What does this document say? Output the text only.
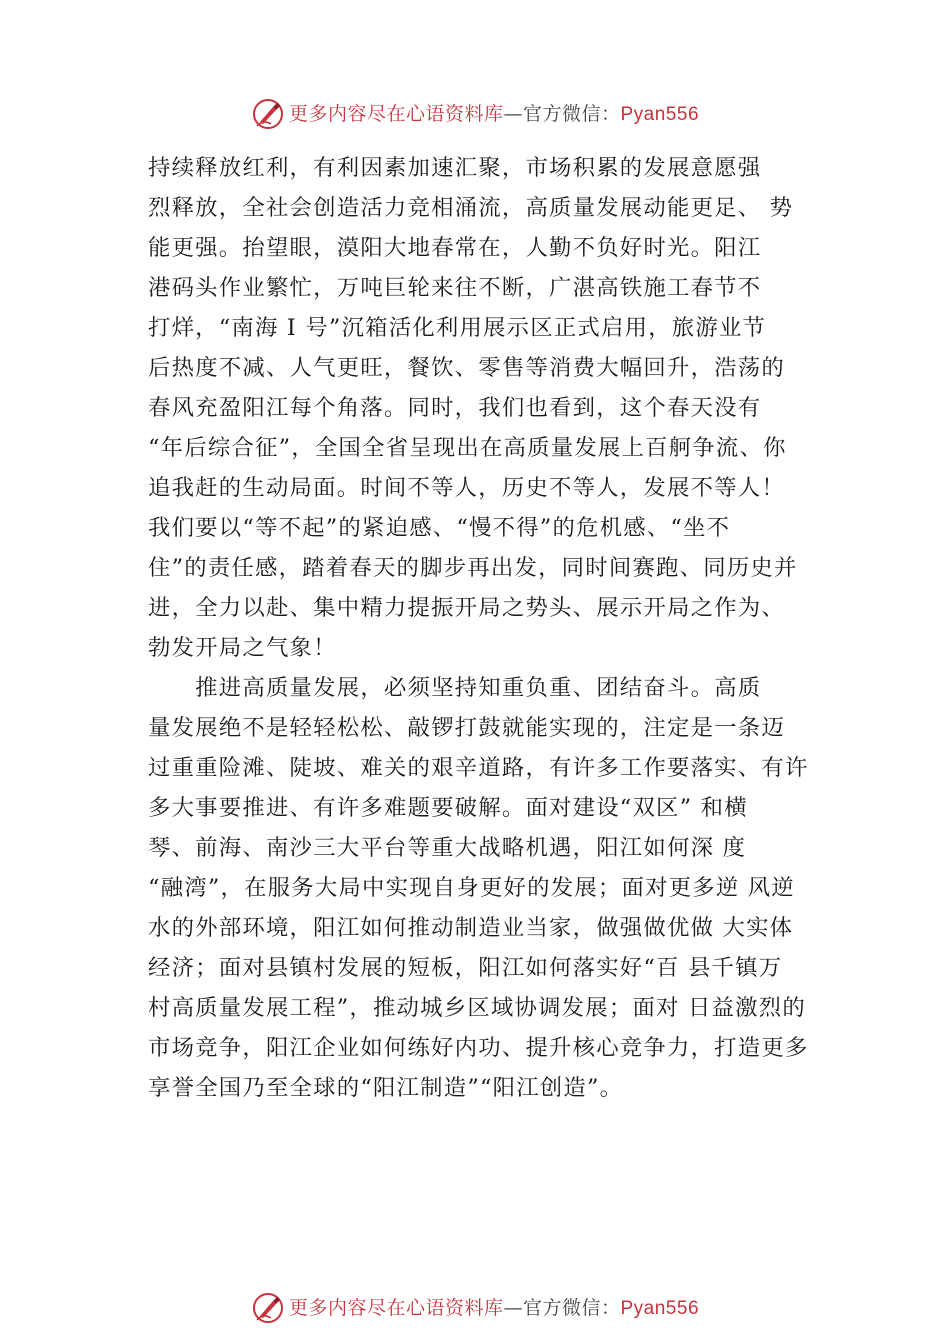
更多内容尽在心语资料库—官方微信：Pyan556
持续释放红利，有利因素加速汇聚，市场积累的发展意愿强
烈释放，全社会创造活力竞相涌流，高质量发展动能更足、 势
能更强。抬望眼，漠阳大地春常在，人勤不负好时光。阳江
港码头作业繁忙，万吨巨轮来往不断，广湛高铁施工春节不
打烊，“南海 I 号”沉箱活化利用展示区正式启用，旅游业节
后热度不减、人气更旺，餐饮、零售等消费大幅回升，浩荡的
春风充盈阳江每个角落。同时，我们也看到，这个春天没有
“年后综合征”，全国全省呈现出在高质量发展上百舸争流、你
追我赶的生动局面。时间不等人，历史不等人，发展不等人！
我们要以“等不起”的紧迫感、“慢不得”的危机感、“坐不
住”的责任感，踏着春天的脚步再出发，同时间赛跑、同历史并
进，全力以赴、集中精力提振开局之势头、展示开局之作为、
勃发开局之气象！
　　推进高质量发展，必须坚持知重负重、团结奋斗。高质
量发展绝不是轻轻松松、敲锣打鼓就能实现的，注定是一条迈
过重重险滩、陡坡、难关的艰辛道路，有许多工作要落实、有许
多大事要推进、有许多难题要破解。面对建设“双区” 和横
琴、前海、南沙三大平台等重大战略机遇，阳江如何深 度
“融湾”，在服务大局中实现自身更好的发展；面对更多逆 风逆
水的外部环境，阳江如何推动制造业当家，做强做优做 大实体
经济；面对县镇村发展的短板，阳江如何落实好“百 县千镇万
村高质量发展工程”，推动城乡区域协调发展；面对 日益激烈的
市场竞争，阳江企业如何练好内功、提升核心竞争力，打造更多
享誉全国乃至全球的“阳江制造”“阳江创造”。
更多内容尽在心语资料库—官方微信：Pyan556
